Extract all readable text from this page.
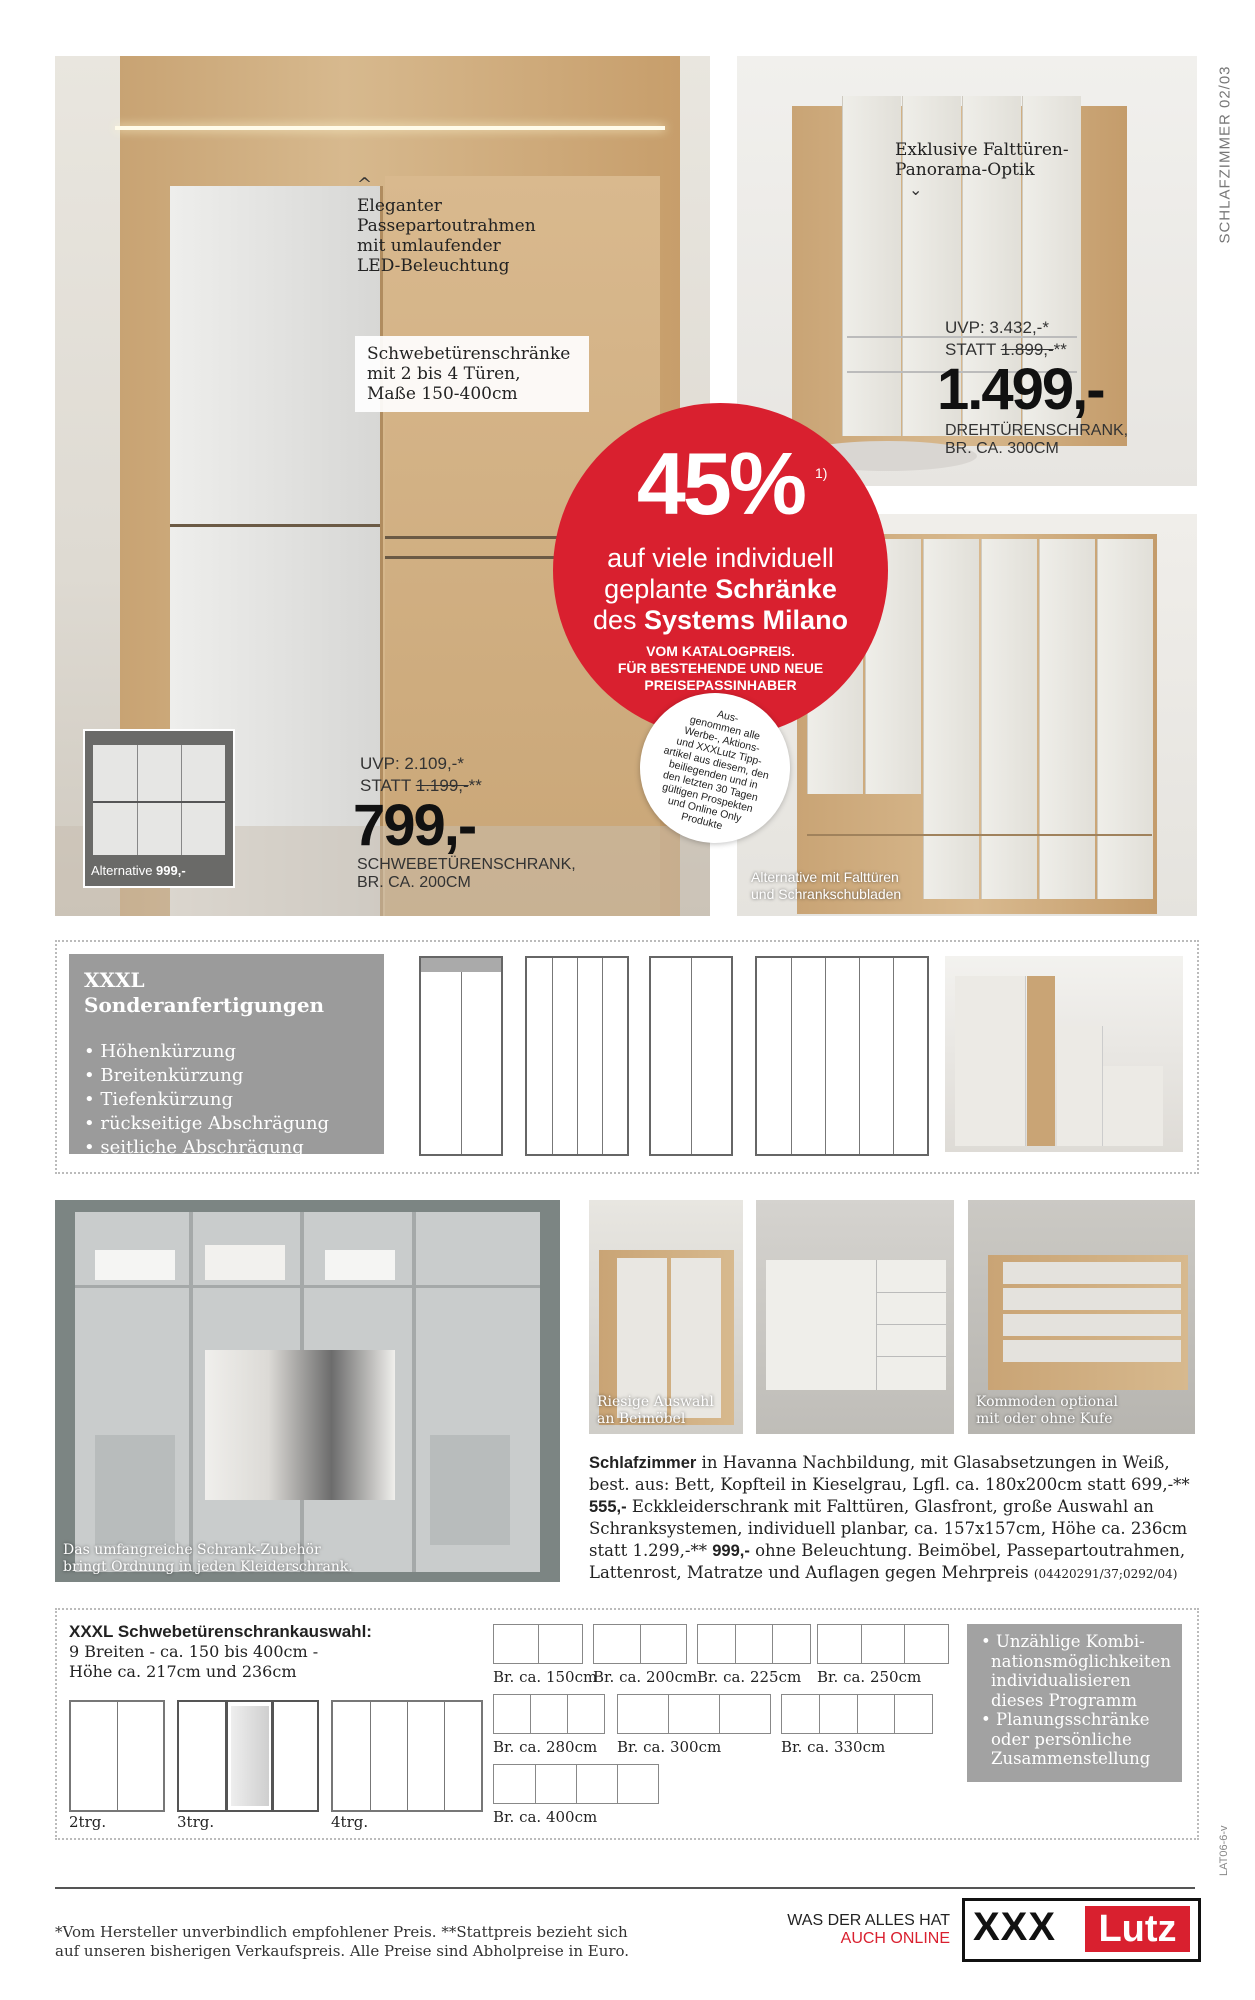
SCHLAFZIMMER 02/03
^
Eleganter
Passepartoutrahmen
mit umlaufender
LED-Beleuchtung
Schwebetürenschränke
mit 2 bis 4 Türen,
Maße 150-400cm
UVP: 2.109,-*
STATT 1.199,-**
799,-
SCHWEBETÜRENSCHRANK,
BR. CA. 200CM
Alternative 999,-
Exklusive Falttüren-
Panorama-Optik
⌄
UVP: 3.432,-*
STATT 1.899,-**
1.499,-
DREHTÜRENSCHRANK,
BR. CA. 300CM
Alternative mit Falttüren
und Schrankschubladen
45% 1)
auf viele individuell
geplante Schränke
des Systems Milano
VOM KATALOGPREIS.
FÜR BESTEHENDE UND NEUE
PREISEPASSINHABER
Aus-
genommen alle
Werbe-, Aktions-
und XXXLutz Tipp-
artikel aus diesem, den
beiliegenden und in
den letzten 30 Tagen
gültigen Prospekten
und Online Only
Produkte
XXXL
Sonderanfertigungen
• Höhenkürzung
• Breitenkürzung
• Tiefenkürzung
• rückseitige Abschrägung
• seitliche Abschrägung
Das umfangreiche Schrank-Zubehör
bringt Ordnung in jeden Kleiderschrank.
Riesige Auswahl
an Beimöbel
Kommoden optional
mit oder ohne Kufe
Schlafzimmer in Havanna Nachbildung, mit Glasabsetzungen in Weiß, best. aus: Bett, Kopfteil in Kieselgrau, Lgfl. ca. 180x200cm statt 699,-** 555,- Eckkleiderschrank mit Falttüren, Glasfront, große Auswahl an Schranksystemen, individuell planbar, ca. 157x157cm, Höhe ca. 236cm statt 1.299,-** 999,- ohne Beleuchtung. Beimöbel, Passepartoutrahmen, Lattenrost, Matratze und Auflagen gegen Mehrpreis (04420291/37;0292/04)
XXXL Schwebetürenschrankauswahl:
9 Breiten - ca. 150 bis 400cm -
Höhe ca. 217cm und 236cm
2trg.	3trg.	4trg.
Br. ca. 150cm
Br. ca. 200cm Br. ca. 225cm Br. ca. 250cm
Br. ca. 280cm Br. ca. 300cm	Br. ca. 330cm
Br. ca. 400cm
• Unzählige Kombi-nationsmöglichkeiten individualisieren dieses Programm
• Planungsschränke oder persönliche Zusammenstellung
LAT06-6-v
*Vom Hersteller unverbindlich empfohlener Preis. **Stattpreis bezieht sich
auf unseren bisherigen Verkaufspreis. Alle Preise sind Abholpreise in Euro.
WAS DER ALLES HAT
AUCH ONLINE XXX	Lutz
